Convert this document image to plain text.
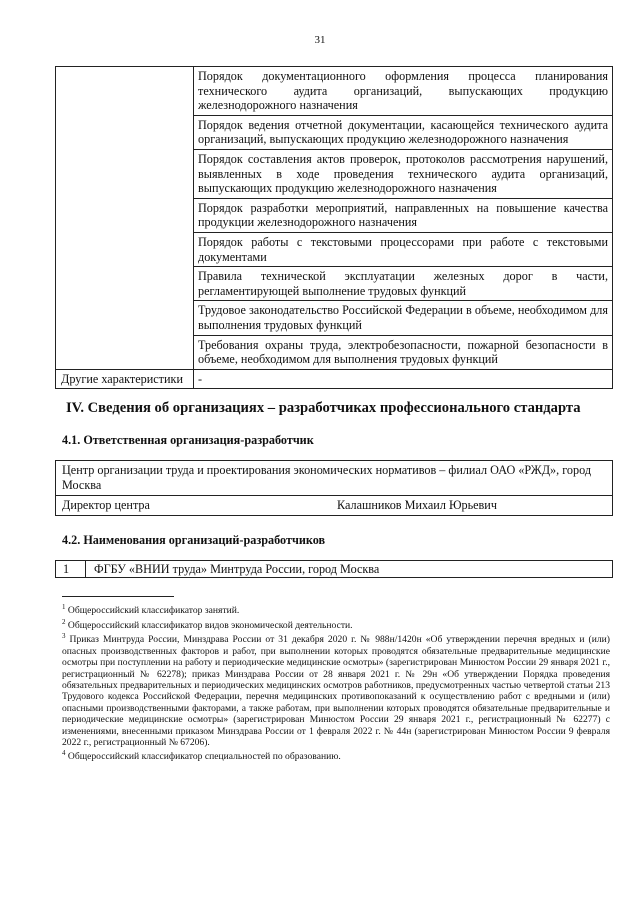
31
	Порядок документационного оформления процесса планирования технического аудита организаций, выпускающих продукцию железнодорожного назначения
	Порядок ведения отчетной документации, касающейся технического аудита организаций, выпускающих продукцию железнодорожного назначения
	Порядок составления актов проверок, протоколов рассмотрения нарушений, выявленных в ходе проведения технического аудита организаций, выпускающих продукцию железнодорожного назначения
	Порядок разработки мероприятий, направленных на повышение качества продукции железнодорожного назначения
	Порядок работы с текстовыми процессорами при работе с текстовыми документами
	Правила технической эксплуатации железных дорог в части, регламентирующей выполнение трудовых функций
	Трудовое законодательство Российской Федерации в объеме, необходимом для выполнения трудовых функций
	Требования охраны труда, электробезопасности, пожарной безопасности в объеме, необходимом для выполнения трудовых функций
Другие характеристики	-
IV. Сведения об организациях – разработчиках профессионального стандарта
4.1. Ответственная организация-разработчик
Центр организации труда и проектирования экономических нормативов – филиал ОАО «РЖД», город Москва
Директор центра	Калашников Михаил Юрьевич
4.2. Наименования организаций-разработчиков
1	ФГБУ «ВНИИ труда» Минтруда России, город Москва

$^1$ Общероссийский классификатор занятий.

$^2$ Общероссийский классификатор видов экономической деятельности.

$^3$ Приказ Минтруда России, Минздрава России от 31 декабря 2020 г. № 988н/1420н «Об утверждении перечня вредных и (или) опасных производственных факторов и работ, при выполнении которых проводятся обязательные предварительные медицинские осмотры при поступлении на работу и периодические медицинские осмотры» (зарегистрирован Минюстом России 29 января 2021 г., регистрационный № 62278); приказ Минздрава России от 28 января 2021 г. № 29н «Об утверждении Порядка проведения обязательных предварительных и периодических медицинских осмотров работников, предусмотренных частью четвертой статьи 213 Трудового кодекса Российской Федерации, перечня медицинских противопоказаний к осуществлению работ с вредными и (или) опасными производственными факторами, а также работам, при выполнении которых проводятся обязательные предварительные и периодические медицинские осмотры» (зарегистрирован Минюстом России 29 января 2021 г., регистрационный № 62277) с изменениями, внесенными приказом Минздрава России от 1 февраля 2022 г. № 44н (зарегистрирован Минюстом России 9 февраля 2022 г., регистрационный № 67206).

$^4$ Общероссийский классификатор специальностей по образованию.
